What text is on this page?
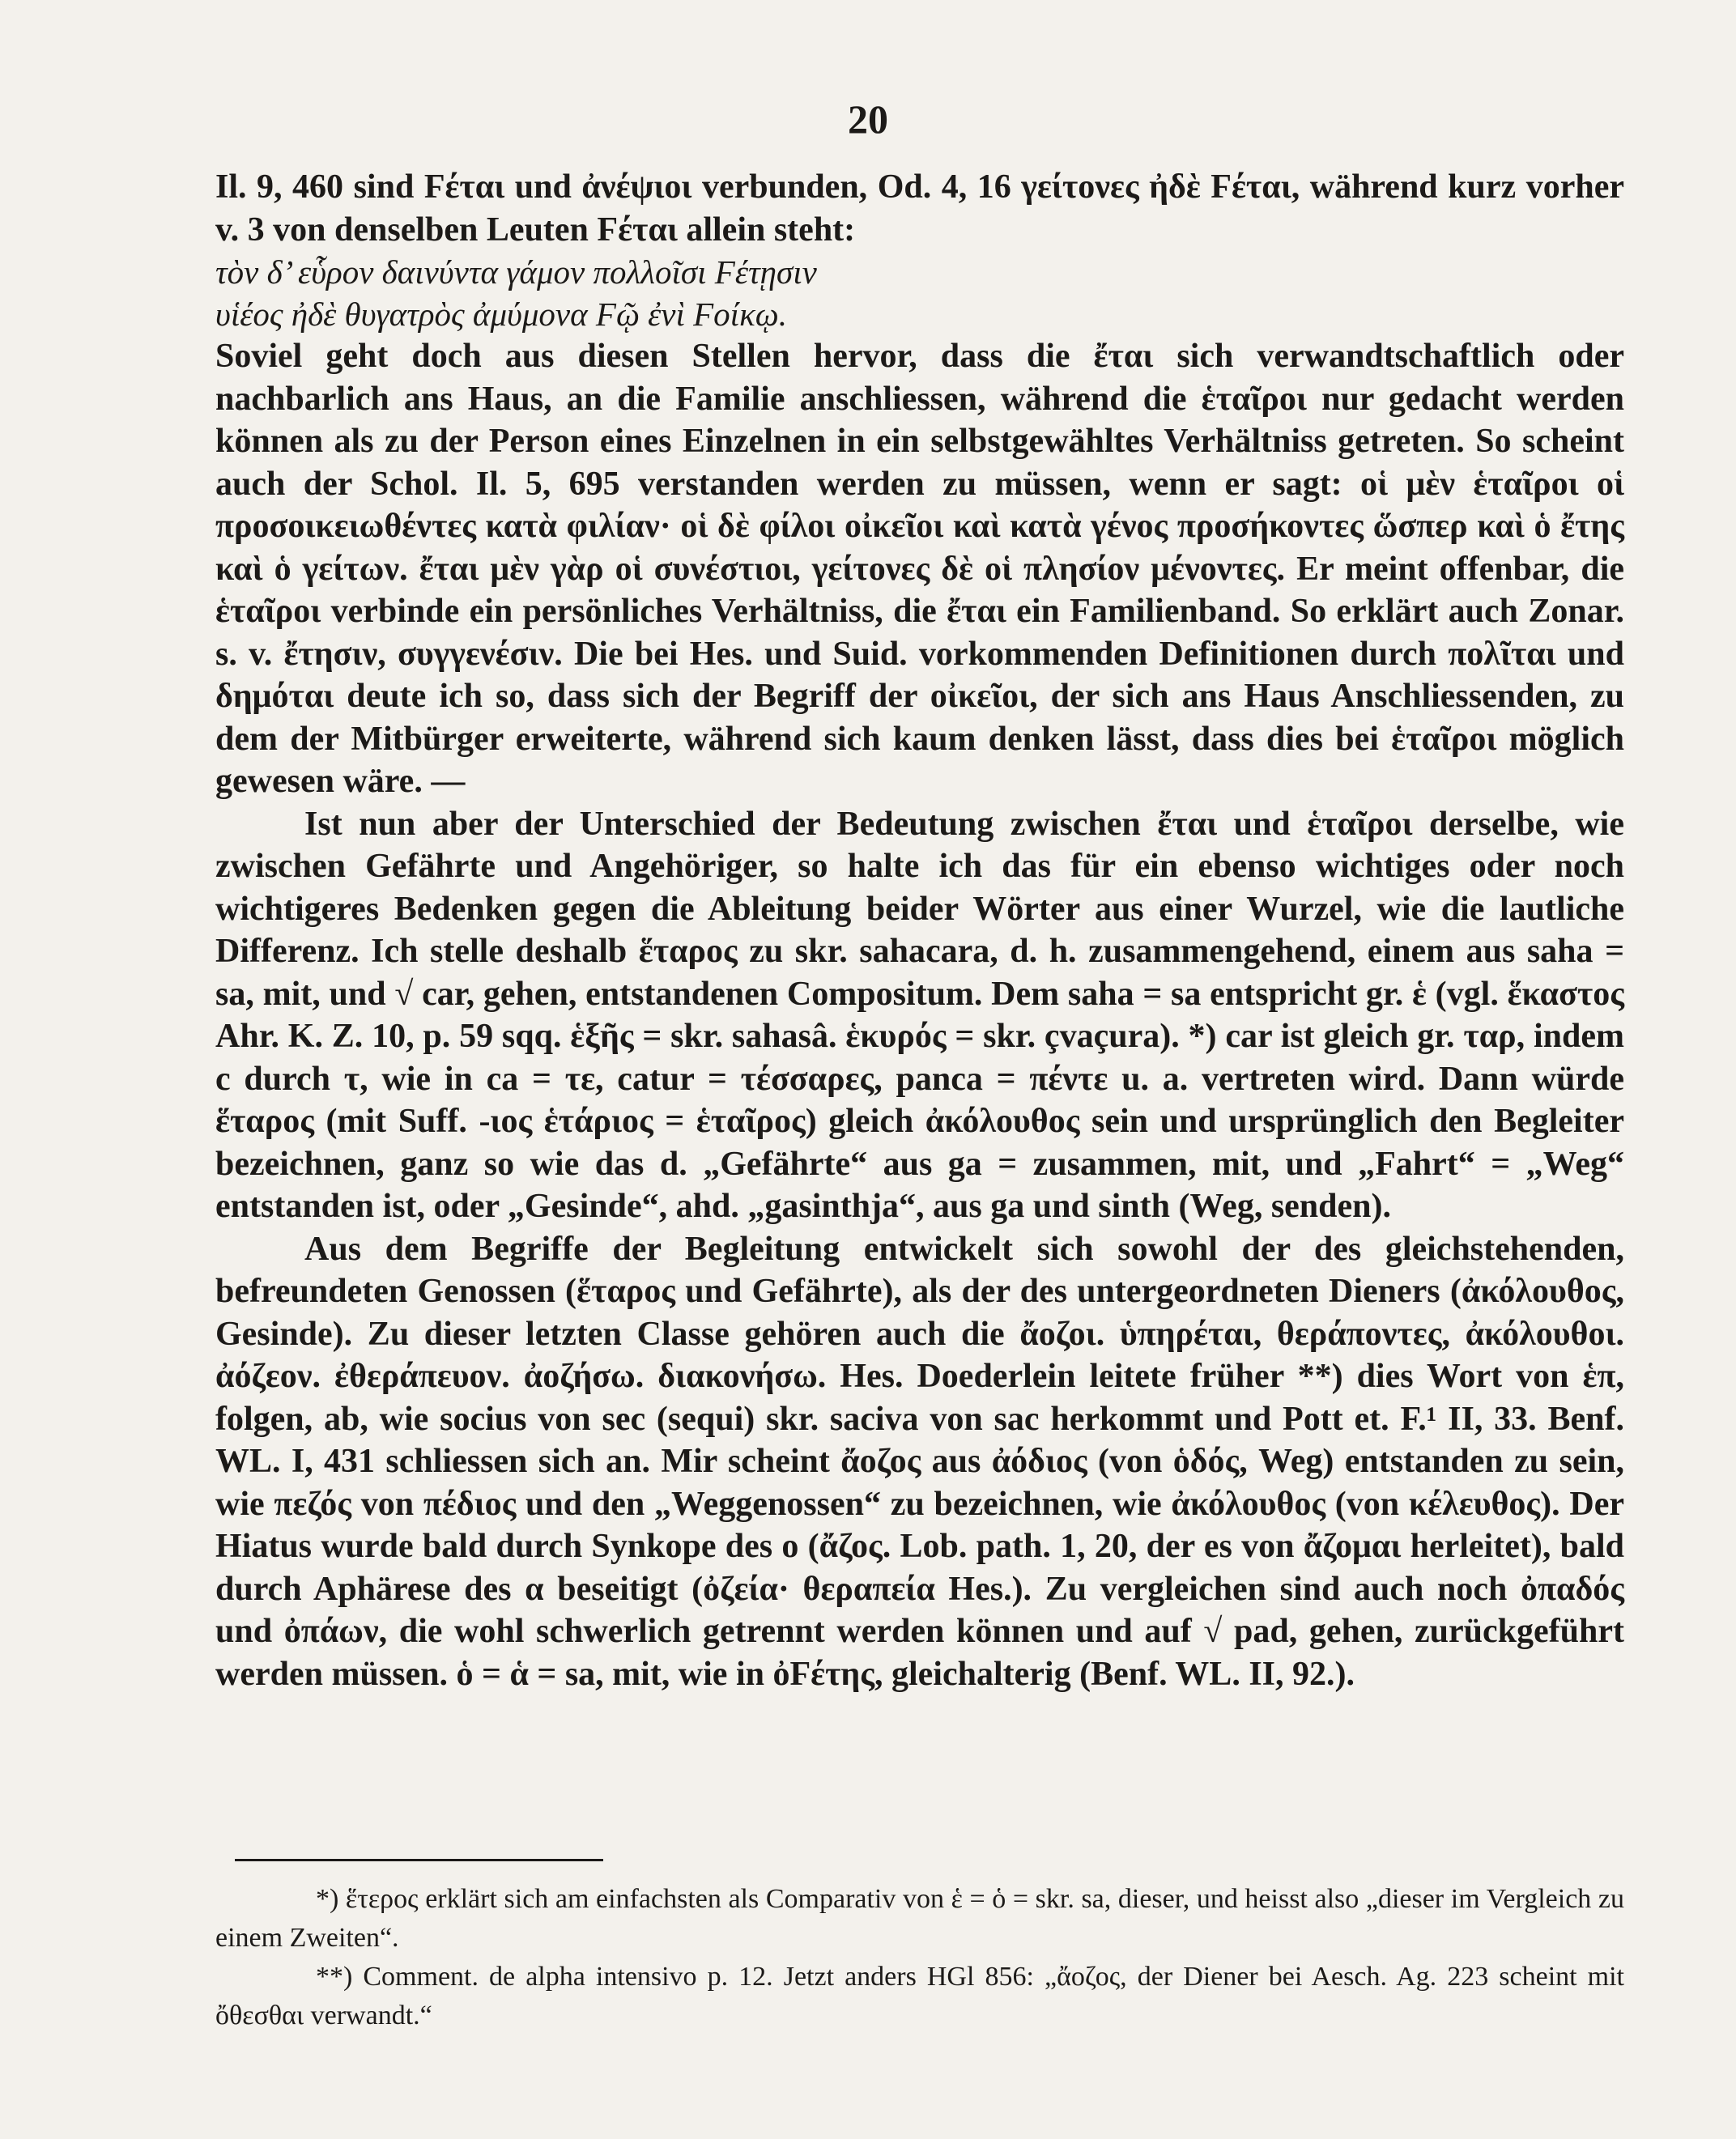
20

Il. 9, 460 sind Ϝέται und ἀνέψιοι verbunden, Od. 4, 16 γείτονες ἠδὲ Ϝέται, während kurz vorher v. 3 von denselben Leuten Ϝέται allein steht:

τὸν δ’ εὗρον δαινύντα γάμον πολλοῖσι Ϝέτῃσιν

υἱέος ἠδὲ θυγατρὸς ἀμύμονα Ϝῷ ἐνὶ Ϝοίκῳ.

Soviel geht doch aus diesen Stellen hervor, dass die ἔται sich verwandtschaftlich oder nachbarlich ans Haus, an die Familie anschliessen, während die ἑταῖροι nur gedacht werden können als zu der Person eines Einzelnen in ein selbstgewähltes Verhältniss getreten. So scheint auch der Schol. Il. 5, 695 verstanden werden zu müssen, wenn er sagt: οἱ μὲν ἑταῖροι οἱ προσοικειωθέντες κατὰ φιλίαν· οἱ δὲ φίλοι οἰκεῖοι καὶ κατὰ γένος προσήκοντες ὥσπερ καὶ ὁ ἔτης καὶ ὁ γείτων. ἔται μὲν γὰρ οἱ συνέστιοι, γείτονες δὲ οἱ πλησίον μένοντες. Er meint offenbar, die ἑταῖροι verbinde ein persönliches Verhältniss, die ἔται ein Familienband. So erklärt auch Zonar. s. v. ἔτησιν, συγγενέσιν. Die bei Hes. und Suid. vorkommenden Definitionen durch πολῖται und δημόται deute ich so, dass sich der Begriff der οἰκεῖοι, der sich ans Haus Anschliessenden, zu dem der Mitbürger erweiterte, während sich kaum denken lässt, dass dies bei ἑταῖροι möglich gewesen wäre. —

Ist nun aber der Unterschied der Bedeutung zwischen ἔται und ἑταῖροι derselbe, wie zwischen Gefährte und Angehöriger, so halte ich das für ein ebenso wichtiges oder noch wichtigeres Bedenken gegen die Ableitung beider Wörter aus einer Wurzel, wie die lautliche Differenz. Ich stelle deshalb ἕταρος zu skr. sahacara, d. h. zusammengehend, einem aus saha = sa, mit, und √ car, gehen, entstandenen Compositum. Dem saha = sa entspricht gr. ἑ (vgl. ἕκαστος Ahr. K. Z. 10, p. 59 sqq. ἑξῆς = skr. sahasâ. ἑκυρός = skr. çvaçura). *) car ist gleich gr. ταρ, indem c durch τ, wie in ca = τε, catur = τέσσαρες, panca = πέντε u. a. vertreten wird. Dann würde ἕταρος (mit Suff. -ιος ἑτάριος = ἑταῖρος) gleich ἀκόλουθος sein und ursprünglich den Begleiter bezeichnen, ganz so wie das d. „Gefährte“ aus ga = zusammen, mit, und „Fahrt“ = „Weg“ entstanden ist, oder „Gesinde“, ahd. „gasinthja“, aus ga und sinth (Weg, senden).

Aus dem Begriffe der Begleitung entwickelt sich sowohl der des gleichstehenden, befreundeten Genossen (ἕταρος und Gefährte), als der des untergeordneten Dieners (ἀκόλουθος, Gesinde). Zu dieser letzten Classe gehören auch die ἄοζοι. ὑπηρέται, θεράποντες, ἀκόλουθοι. ἀόζεον. ἐθεράπευον. ἀοζήσω. διακονήσω. Hes. Doederlein leitete früher **) dies Wort von ἑπ, folgen, ab, wie socius von sec (sequi) skr. saciva von sac herkommt und Pott et. F.¹ II, 33. Benf. WL. I, 431 schliessen sich an. Mir scheint ἄοζος aus ἀόδιος (von ὁδός, Weg) entstanden zu sein, wie πεζός von πέδιος und den „Weggenossen“ zu bezeichnen, wie ἀκόλουθος (von κέλευθος). Der Hiatus wurde bald durch Synkope des ο (ἄζος. Lob. path. 1, 20, der es von ἄζομαι herleitet), bald durch Aphärese des α beseitigt (ὀζεία· θεραπεία Hes.). Zu vergleichen sind auch noch ὀπαδός und ὀπάων, die wohl schwerlich getrennt werden können und auf √ pad, gehen, zurückgeführt werden müssen. ὁ = ἁ = sa, mit, wie in ὀϜέτης, gleichalterig (Benf. WL. II, 92.).

*) ἕτερος erklärt sich am einfachsten als Comparativ von ἑ = ὁ = skr. sa, dieser, und heisst also „dieser im Vergleich zu einem Zweiten“.

**) Comment. de alpha intensivo p. 12. Jetzt anders HGl 856: „ἄοζος, der Diener bei Aesch. Ag. 223 scheint mit ὄθεσθαι verwandt.“
